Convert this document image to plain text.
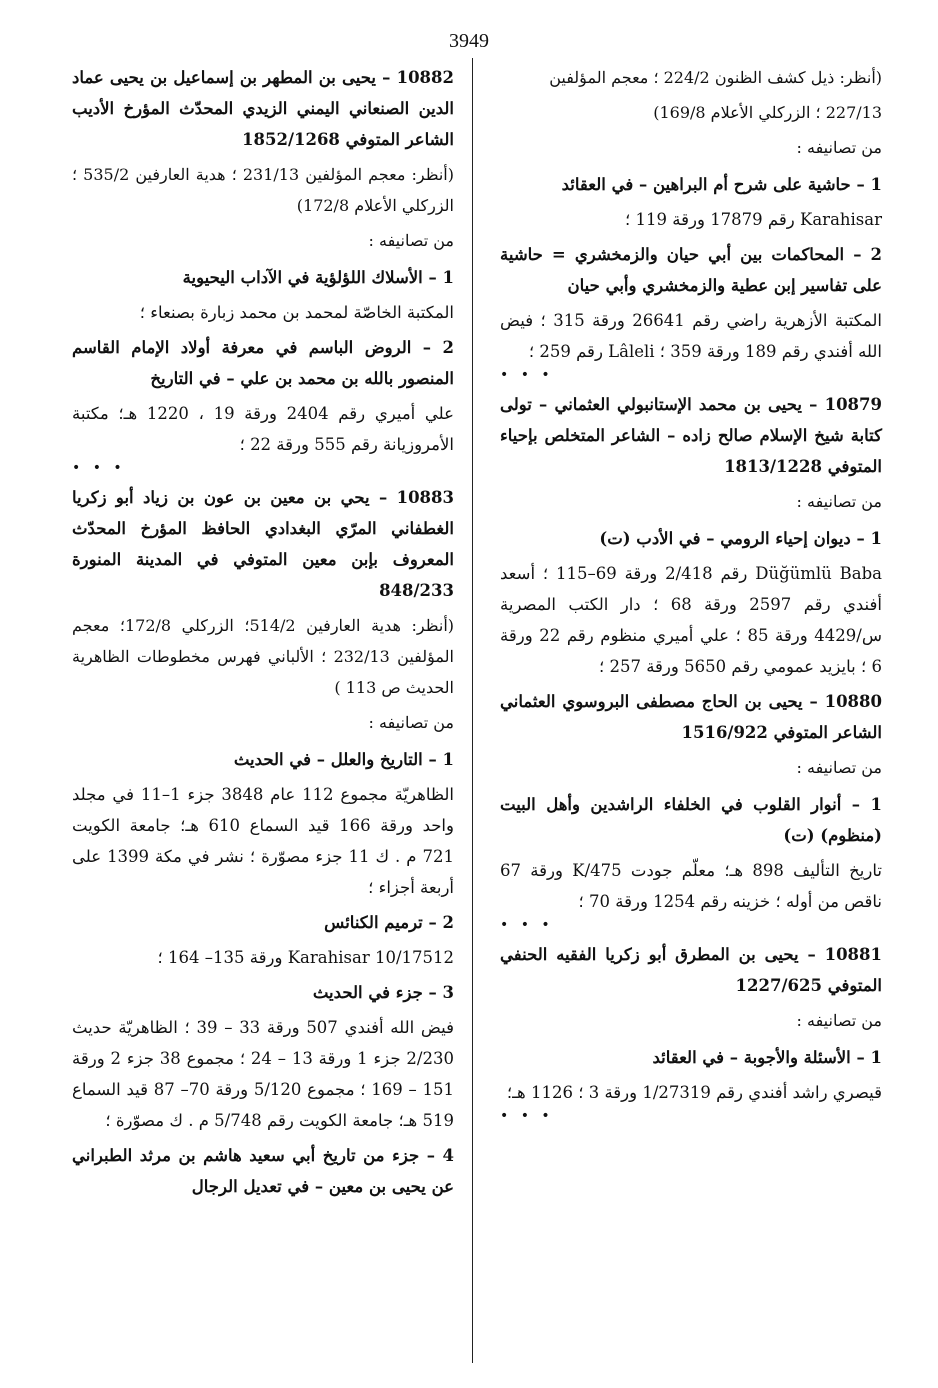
3949

(أنظر: ذيل كشف الظنون 224/2 ؛ معجم المؤلفين

227/13 ؛ الزركلي الأعلام 169/8)

من تصانيفه :

1 – حاشية على شرح أم البراهين – في العقائد

Karahisar رقم 17879 ورقة 119 ؛

2 – المحاكمات بين أبي حيان والزمخشري = حاشية على تفاسير إبن عطية والزمخشري وأبي حيان

المكتبة الأزهرية راضي رقم 26641 ورقة 315 ؛ فيض الله أفندي رقم 189 ورقة 359 ؛ Lâleli رقم 259 ؛

• • •

10879 – يحيى بن محمد الإستانبولي العثماني – تولى كتابة شيخ الإسلام صالح زاده – الشاعر المتخلص بإحياء المتوفي 1813/1228

من تصانيفه :

1 – ديوان إحياء الرومي – في الأدب (ت)

Düğümlü Baba رقم 2/418 ورقة 69–115 ؛ أسعد أفندي رقم 2597 ورقة 68 ؛ دار الكتب المصرية س/4429 ورقة 85 ؛ علي أميري منظوم رقم 22 ورقة 6 ؛ بايزيد عمومي رقم 5650 ورقة 257 ؛

10880 – يحيى بن الحاج مصطفى البروسوي العثماني الشاعر المتوفي 1516/922

من تصانيفه :

1 – أنوار القلوب في الخلفاء الراشدين وأهل البيت (منظوم) (ت)

تاريخ التأليف 898 هـ؛ معلّم جودت 475/K ورقة 67 ناقص من أوله ؛ خزينه رقم 1254 ورقة 70 ؛

• • •

10881 – يحيى بن المطرق أبو زكريا الفقيه الحنفي المتوفي 1227/625

من تصانيفه :

1 – الأسئلة والأجوبة – في العقائد

قيصري راشد أفندي رقم 1/27319 ورقة 3 ؛ 1126 هـ؛

• • •

10882 – يحيى بن المطهر بن إسماعيل بن يحيى عماد الدين الصنعاني اليمني الزيدي المحدّث المؤرخ الأديب الشاعر المتوفي 1852/1268

(أنظر: معجم المؤلفين 231/13 ؛ هدية العارفين 535/2 ؛ الزركلي الأعلام 172/8)

من تصانيفه :

1 – الأسلاك اللؤلؤية في الآداب اليحيوية

المكتبة الخاصّة لمحمد بن محمد زبارة بصنعاء ؛

2 – الروض الباسم في معرفة أولاد الإمام القاسم المنصور بالله بن محمد بن علي – في التاريخ

علي أميري رقم 2404 ورقة 19 ، 1220 هـ؛ مكتبة الأمروزيانة رقم 555 ورقة 22 ؛

• • •

10883 – يحي بن معين بن عون بن زياد أبو زكريا الغطفاني المرّي البغدادي الحافظ المؤرخ المحدّث المعروف بإبن معين المتوفي في المدينة المنورة 848/233

(أنظر: هدية العارفين 514/2؛ الزركلي 172/8؛ معجم المؤلفين 232/13 ؛ الألباني فهرس مخطوطات الظاهرية الحديث ص 113 )

من تصانيفه :

1 – التاريخ والعلل – في الحديث

الظاهريّة مجموع 112 عام 3848 جزء 1–11 في مجلد واحد ورقة 166 قيد السماع 610 هـ؛ جامعة الكويت 721 م . ك 11 جزء مصوّرة ؛ نشر في مكة 1399 على أربعة أجزاء ؛

2 – ترميم الكنائس

Karahisar 10/17512 ورقة 135– 164 ؛

3 – جزء في الحديث

فيض الله أفندي 507 ورقة 33 – 39 ؛ الظاهريّة حديث 2/230 جزء 1 ورقة 13 – 24 ؛ مجموع 38 جزء 2 ورقة 151 – 169 ؛ مجموع 5/120 ورقة 70– 87 قيد السماع 519 هـ؛ جامعة الكويت رقم 5/748 م . ك مصوّرة ؛

4 – جزء من تاريخ أبي سعيد هاشم بن مرثد الطبراني عن يحيى بن معين – في تعديل الرجال
